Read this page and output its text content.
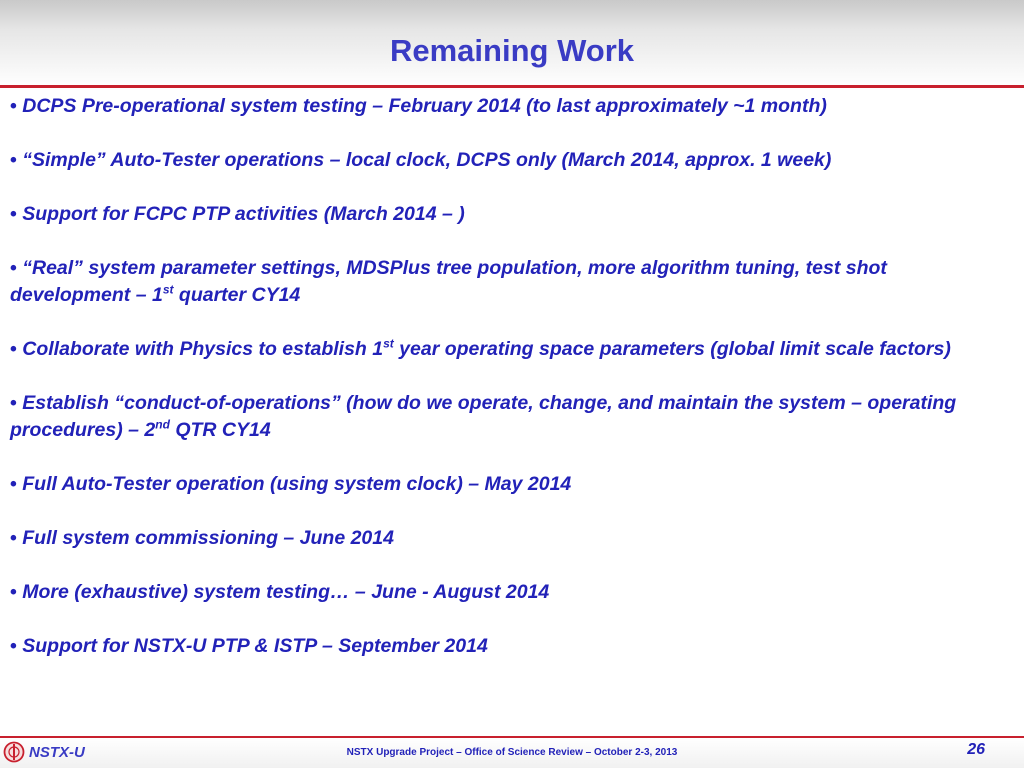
Remaining Work
• DCPS Pre-operational system testing – February 2014 (to last approximately ~1 month)
• “Simple” Auto-Tester operations – local clock, DCPS only (March 2014, approx. 1 week)
• Support for FCPC PTP activities (March 2014 – )
• “Real” system parameter settings, MDSPlus tree population, more algorithm tuning, test shot development – 1st quarter CY14
• Collaborate with Physics to establish 1st year operating space parameters (global limit scale factors)
• Establish “conduct-of-operations” (how do we operate, change, and maintain the system – operating procedures) – 2nd QTR CY14
• Full Auto-Tester operation (using system clock) – May 2014
• Full system commissioning – June 2014
• More (exhaustive) system testing… – June - August 2014
• Support for NSTX-U PTP & ISTP – September 2014
NSTX-U	NSTX Upgrade Project – Office of Science Review – October 2-3, 2013	26
